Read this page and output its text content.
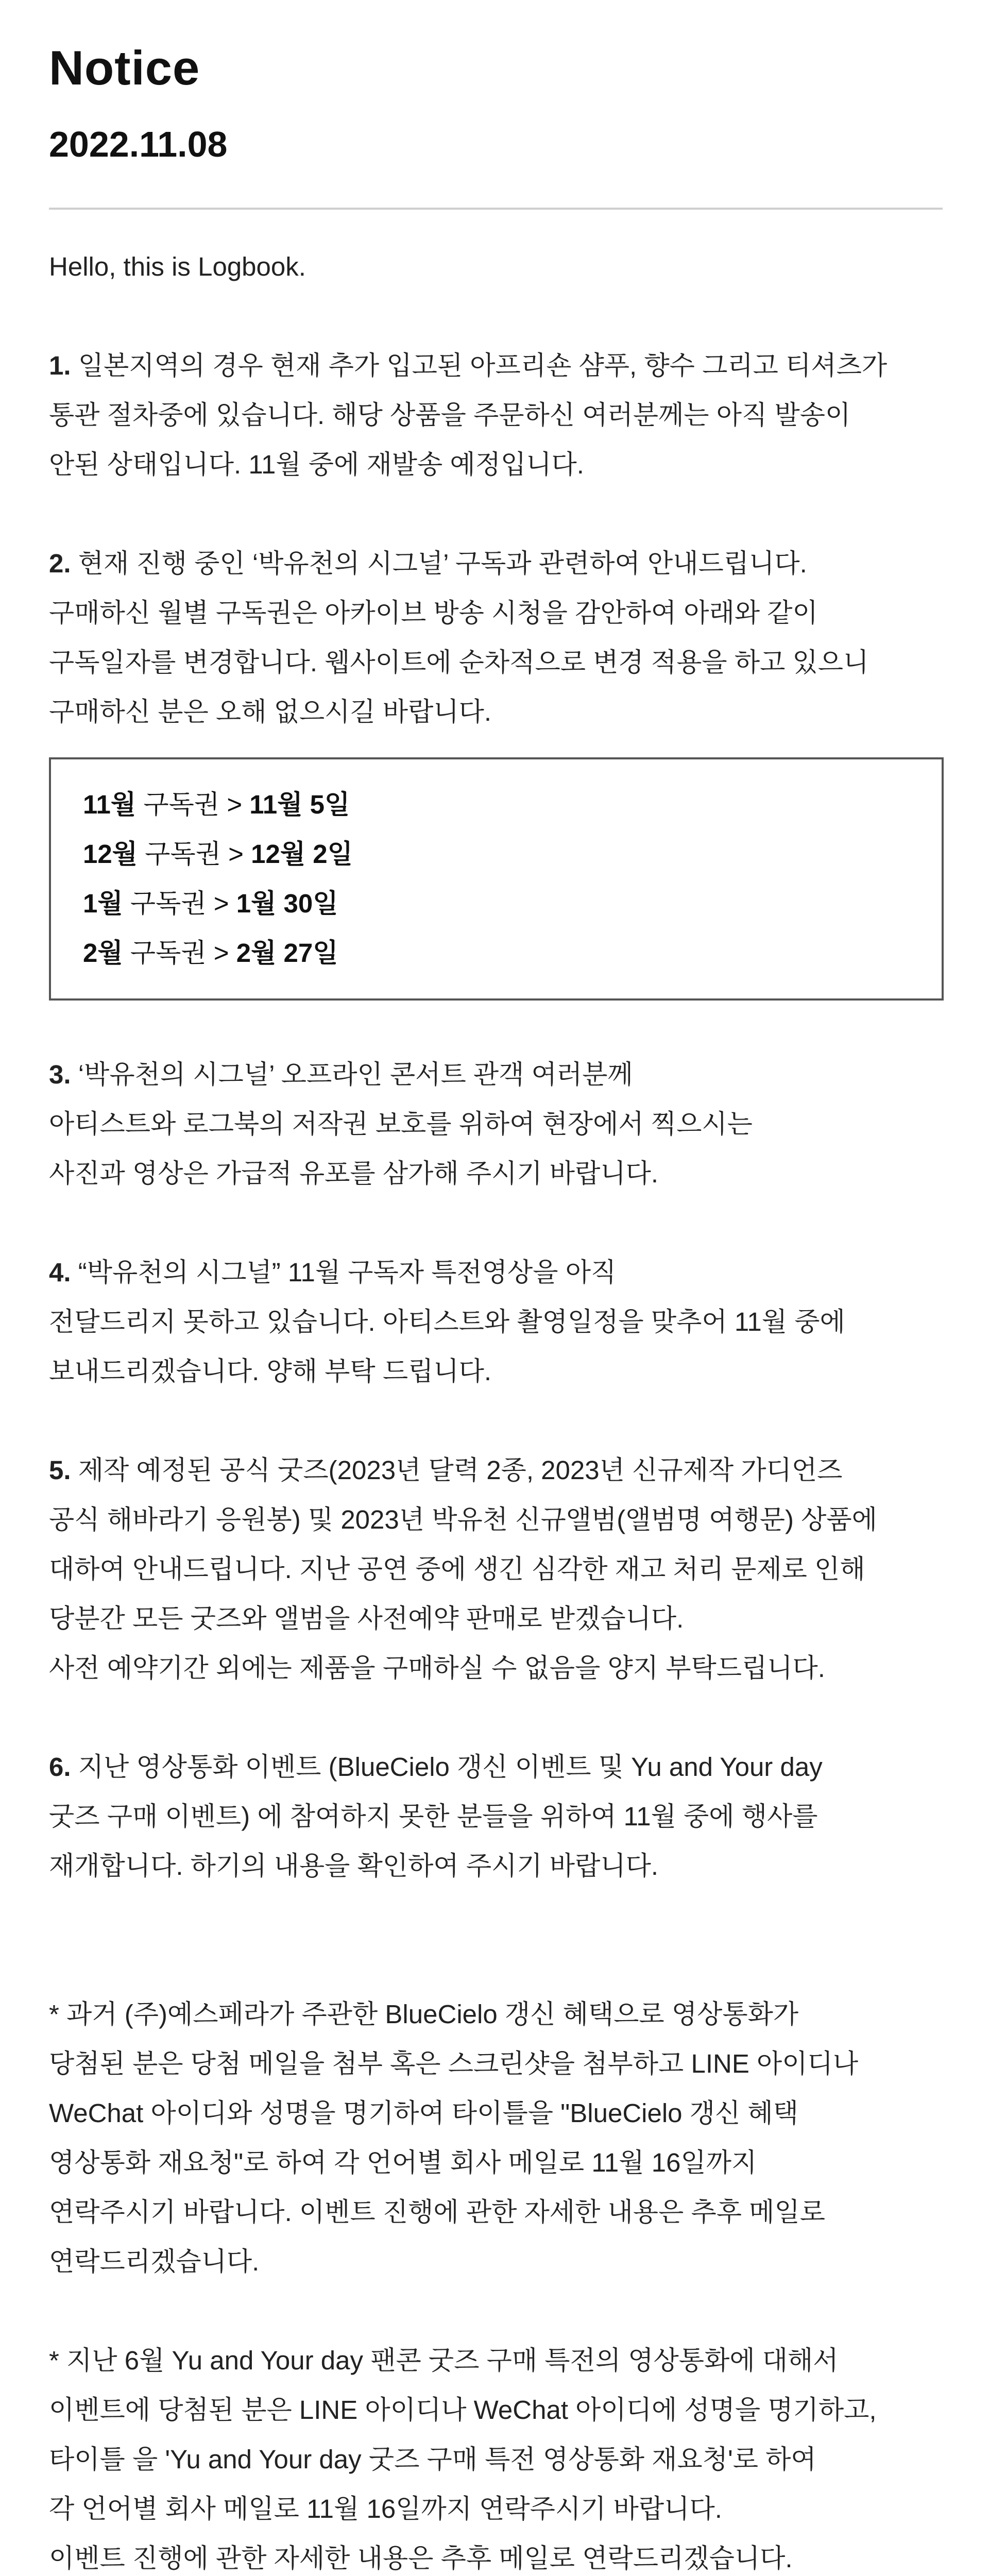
Notice
2022.11.08

Hello, this is Logbook.

1. 일본지역의 경우 현재 추가 입고된 아프리숀 샴푸, 향수 그리고 티셔츠가

통관 절차중에 있습니다. 해당 상품을 주문하신 여러분께는 아직 발송이

안된 상태입니다. 11월 중에 재발송 예정입니다.

2. 현재 진행 중인 ‘박유천의 시그널’ 구독과 관련하여 안내드립니다.

구매하신 월별 구독권은 아카이브 방송 시청을 감안하여 아래와 같이

구독일자를 변경합니다. 웹사이트에 순차적으로 변경 적용을 하고 있으니

구매하신 분은 오해 없으시길 바랍니다.

11월 구독권 > 11월 5일
12월 구독권 > 12월 2일
1월 구독권 > 1월 30일
2월 구독권 > 2월 27일

3. ‘박유천의 시그널’ 오프라인 콘서트 관객 여러분께

아티스트와 로그북의 저작권 보호를 위하여 현장에서 찍으시는

사진과 영상은 가급적 유포를 삼가해 주시기 바랍니다.

4. “박유천의 시그널” 11월 구독자 특전영상을 아직

전달드리지 못하고 있습니다. 아티스트와 촬영일정을 맞추어 11월 중에

보내드리겠습니다. 양해 부탁 드립니다.

5. 제작 예정된 공식 굿즈(2023년 달력 2종, 2023년 신규제작 가디언즈

공식 해바라기 응원봉) 및 2023년 박유천 신규앨범(앨범명 여행문) 상품에

대하여 안내드립니다. 지난 공연 중에 생긴 심각한 재고 처리 문제로 인해

당분간 모든 굿즈와 앨범을 사전예약 판매로 받겠습니다.

사전 예약기간 외에는 제품을 구매하실 수 없음을 양지 부탁드립니다.

6. 지난 영상통화 이벤트 (BlueCielo 갱신 이벤트 및 Yu and Your day

굿즈 구매 이벤트) 에 참여하지 못한 분들을 위하여 11월 중에 행사를

재개합니다. 하기의 내용을 확인하여 주시기 바랍니다.

* 과거 (주)예스페라가 주관한 BlueCielo 갱신 혜택으로 영상통화가

당첨된 분은 당첨 메일을 첨부 혹은 스크린샷을 첨부하고 LINE 아이디나

WeChat 아이디와 성명을 명기하여 타이틀을 "BlueCielo 갱신 혜택

영상통화 재요청"로 하여 각 언어별 회사 메일로 11월 16일까지

연락주시기 바랍니다. 이벤트 진행에 관한 자세한 내용은 추후 메일로

연락드리겠습니다.

* 지난 6월 Yu and Your day 팬콘 굿즈 구매 특전의 영상통화에 대해서

이벤트에 당첨된 분은 LINE 아이디나 WeChat 아이디에 성명을 명기하고,

타이틀 을 'Yu and Your day 굿즈 구매 특전 영상통화 재요청'로 하여

각 언어별 회사 메일로 11월 16일까지 연락주시기 바랍니다.

이벤트 진행에 관한 자세한 내용은 추후 메일로 연락드리겠습니다.
